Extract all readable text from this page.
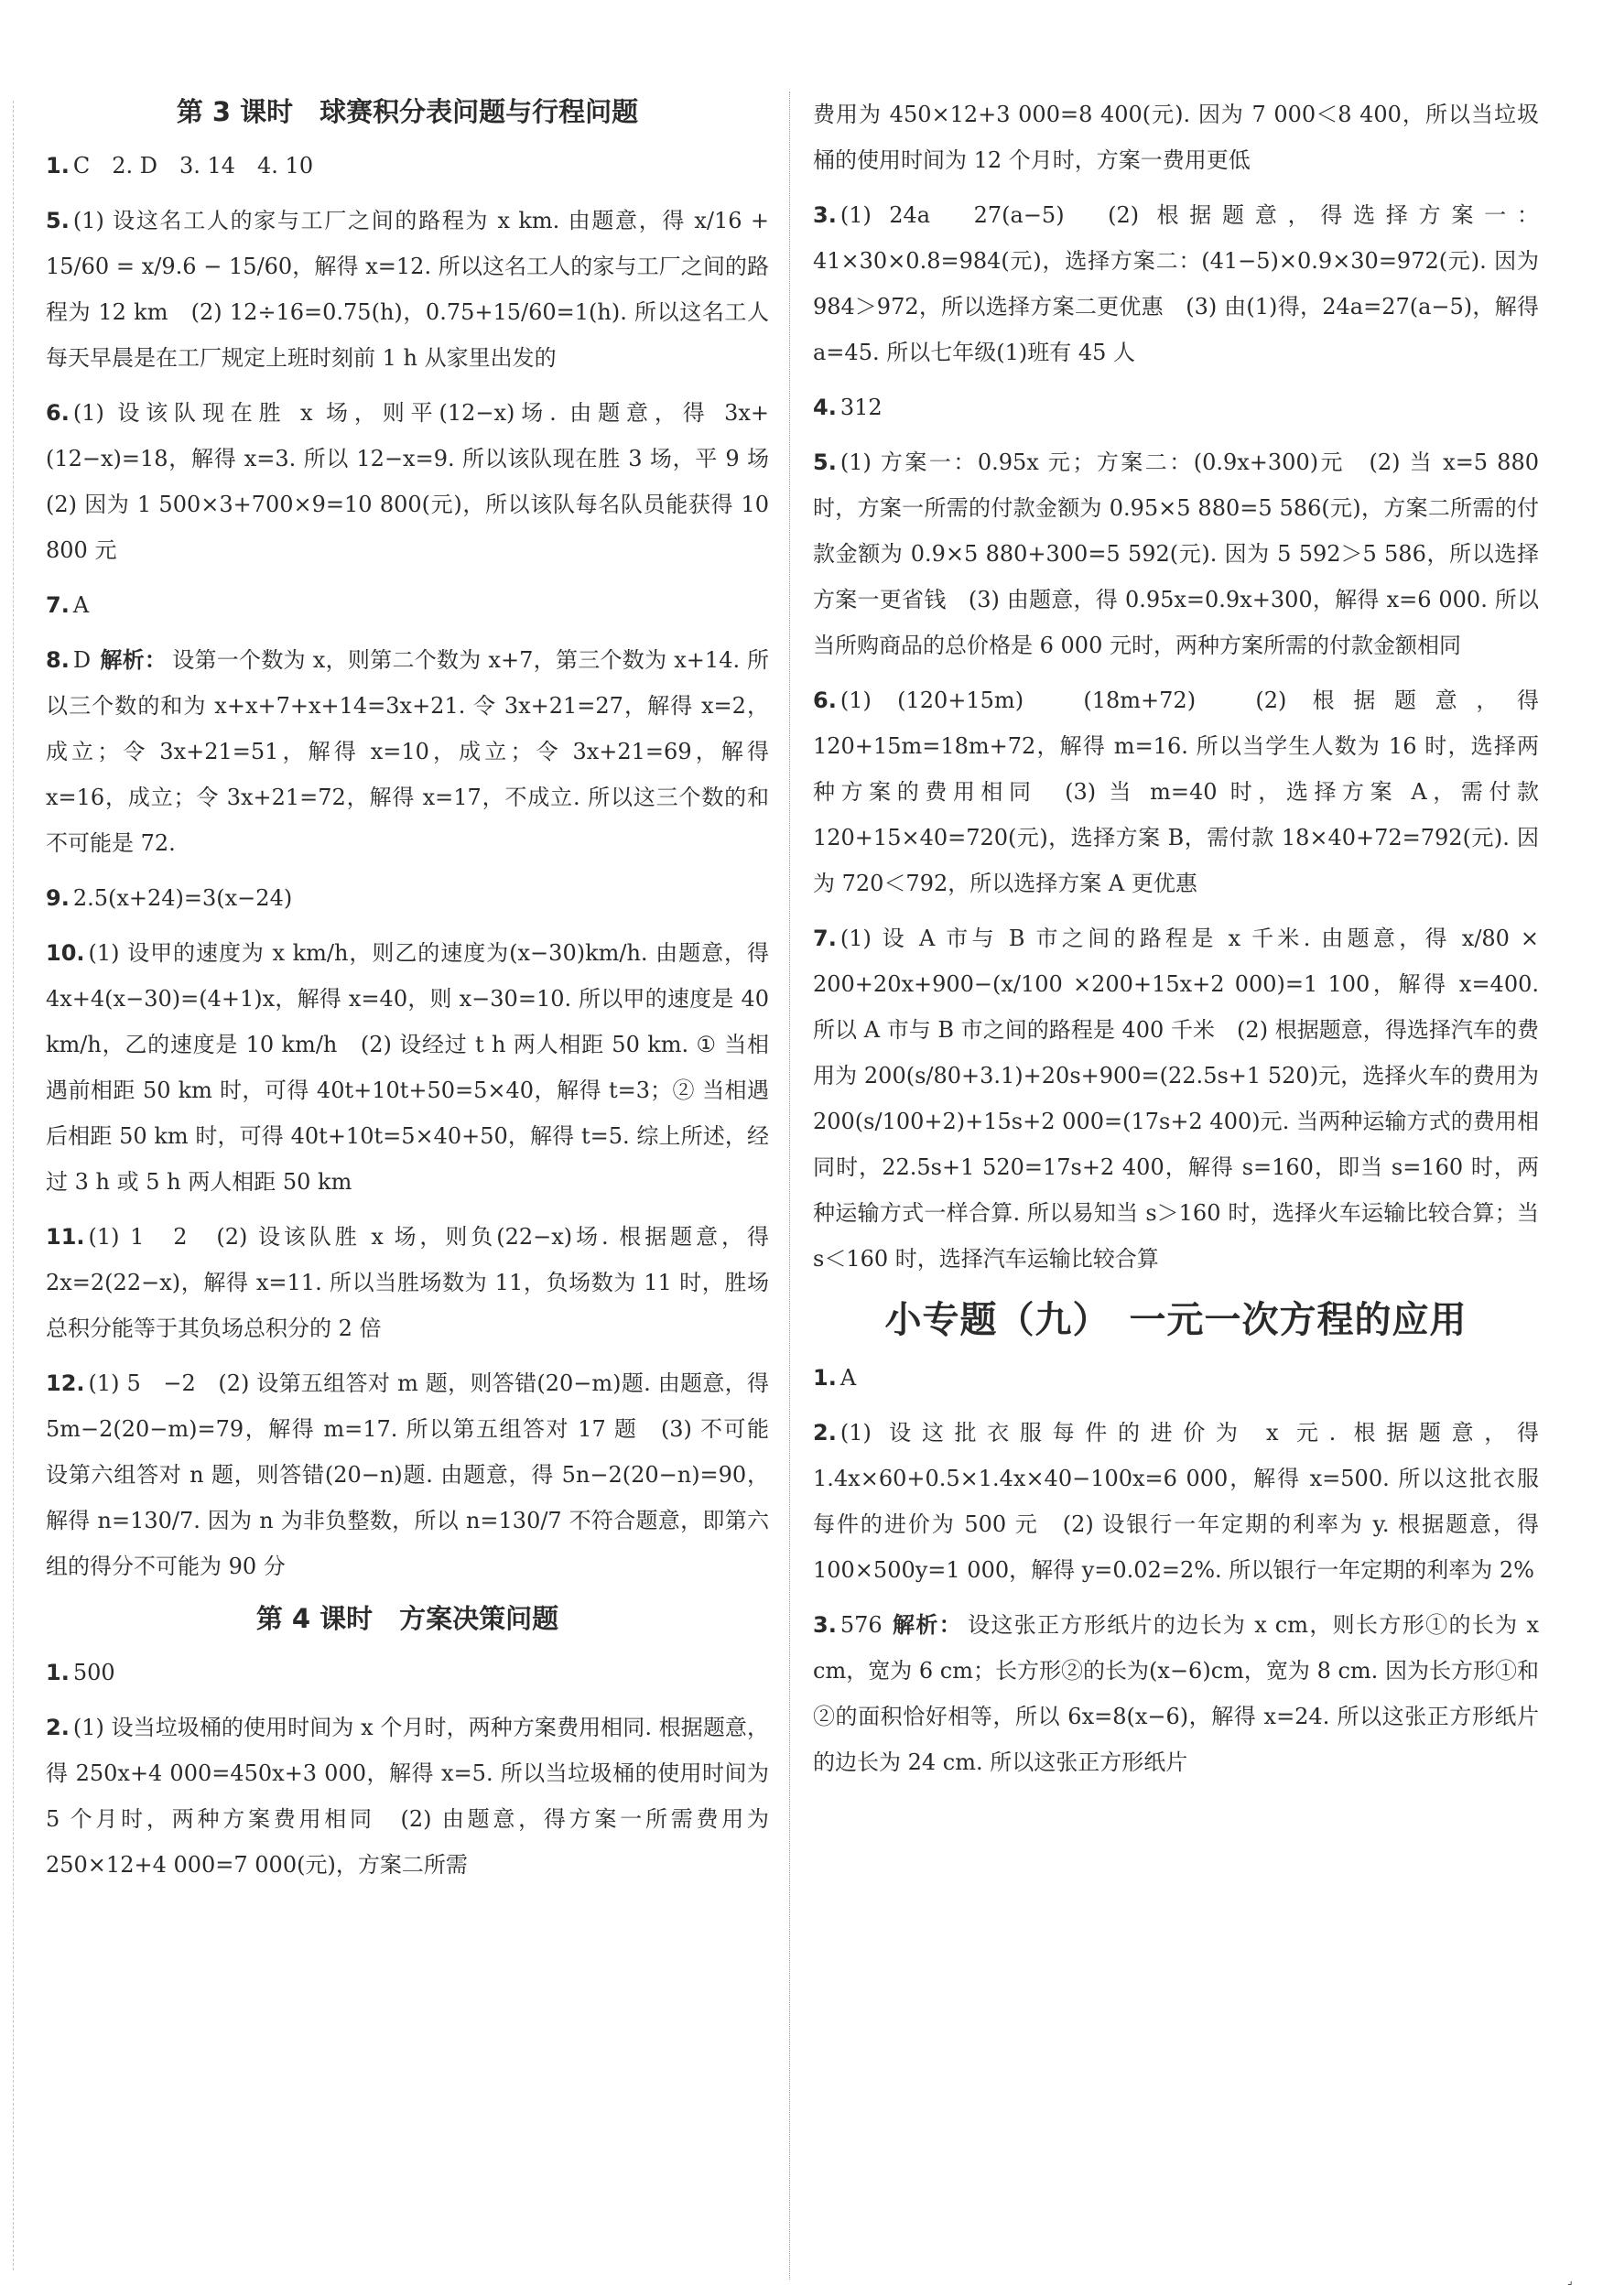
第 3 课时　球赛积分表问题与行程问题

1. C　2. D　3. 14　4. 10

5. (1) 设这名工人的家与工厂之间的路程为 x km. 由题意，得 x/16 + 15/60 = x/9.6 − 15/60，解得 x=12. 所以这名工人的家与工厂之间的路程为 12 km　(2) 12÷16=0.75(h)，0.75+15/60=1(h). 所以这名工人每天早晨是在工厂规定上班时刻前 1 h 从家里出发的

6. (1) 设该队现在胜 x 场，则平(12−x)场. 由题意，得 3x+(12−x)=18，解得 x=3. 所以 12−x=9. 所以该队现在胜 3 场，平 9 场　(2) 因为 1 500×3+700×9=10 800(元)，所以该队每名队员能获得 10 800 元

7. A

8. D 解析： 设第一个数为 x，则第二个数为 x+7，第三个数为 x+14. 所以三个数的和为 x+x+7+x+14=3x+21. 令 3x+21=27，解得 x=2，成立；令 3x+21=51，解得 x=10，成立；令 3x+21=69，解得 x=16，成立；令 3x+21=72，解得 x=17，不成立. 所以这三个数的和不可能是 72.

9. 2.5(x+24)=3(x−24)

10. (1) 设甲的速度为 x km/h，则乙的速度为(x−30)km/h. 由题意，得 4x+4(x−30)=(4+1)x，解得 x=40，则 x−30=10. 所以甲的速度是 40 km/h，乙的速度是 10 km/h　(2) 设经过 t h 两人相距 50 km. ① 当相遇前相距 50 km 时，可得 40t+10t+50=5×40，解得 t=3；② 当相遇后相距 50 km 时，可得 40t+10t=5×40+50，解得 t=5. 综上所述，经过 3 h 或 5 h 两人相距 50 km

11. (1) 1　2　(2) 设该队胜 x 场，则负(22−x)场. 根据题意，得 2x=2(22−x)，解得 x=11. 所以当胜场数为 11，负场数为 11 时，胜场总积分能等于其负场总积分的 2 倍

12. (1) 5　−2　(2) 设第五组答对 m 题，则答错(20−m)题. 由题意，得 5m−2(20−m)=79，解得 m=17. 所以第五组答对 17 题　(3) 不可能　设第六组答对 n 题，则答错(20−n)题. 由题意，得 5n−2(20−n)=90，解得 n=130/7. 因为 n 为非负整数，所以 n=130/7 不符合题意，即第六组的得分不可能为 90 分

第 4 课时　方案决策问题

1. 500

2. (1) 设当垃圾桶的使用时间为 x 个月时，两种方案费用相同. 根据题意，得 250x+4 000=450x+3 000，解得 x=5. 所以当垃圾桶的使用时间为 5 个月时，两种方案费用相同　(2) 由题意，得方案一所需费用为 250×12+4 000=7 000(元)，方案二所需

费用为 450×12+3 000=8 400(元). 因为 7 000＜8 400，所以当垃圾桶的使用时间为 12 个月时，方案一费用更低

3. (1) 24a　27(a−5)　(2) 根据题意，得选择方案一：41×30×0.8=984(元)，选择方案二：(41−5)×0.9×30=972(元). 因为 984＞972，所以选择方案二更优惠　(3) 由(1)得，24a=27(a−5)，解得 a=45. 所以七年级(1)班有 45 人

4. 312

5. (1) 方案一：0.95x 元；方案二：(0.9x+300)元　(2) 当 x=5 880 时，方案一所需的付款金额为 0.95×5 880=5 586(元)，方案二所需的付款金额为 0.9×5 880+300=5 592(元). 因为 5 592＞5 586，所以选择方案一更省钱　(3) 由题意，得 0.95x=0.9x+300，解得 x=6 000. 所以当所购商品的总价格是 6 000 元时，两种方案所需的付款金额相同

6. (1) (120+15m)　(18m+72)　(2) 根据题意，得 120+15m=18m+72，解得 m=16. 所以当学生人数为 16 时，选择两种方案的费用相同　(3) 当 m=40 时，选择方案 A，需付款 120+15×40=720(元)，选择方案 B，需付款 18×40+72=792(元). 因为 720＜792，所以选择方案 A 更优惠

7. (1) 设 A 市与 B 市之间的路程是 x 千米. 由题意，得 x/80 × 200+20x+900−(x/100 ×200+15x+2 000)=1 100，解得 x=400. 所以 A 市与 B 市之间的路程是 400 千米　(2) 根据题意，得选择汽车的费用为 200(s/80+3.1)+20s+900=(22.5s+1 520)元，选择火车的费用为 200(s/100+2)+15s+2 000=(17s+2 400)元. 当两种运输方式的费用相同时，22.5s+1 520=17s+2 400，解得 s=160，即当 s=160 时，两种运输方式一样合算. 所以易知当 s＞160 时，选择火车运输比较合算；当 s＜160 时，选择汽车运输比较合算

小专题（九）　一元一次方程的应用

1. A

2. (1) 设这批衣服每件的进价为 x 元. 根据题意，得 1.4x×60+0.5×1.4x×40−100x=6 000，解得 x=500. 所以这批衣服每件的进价为 500 元　(2) 设银行一年定期的利率为 y. 根据题意，得 100×500y=1 000，解得 y=0.02=2%. 所以银行一年定期的利率为 2%

3. 576 解析： 设这张正方形纸片的边长为 x cm，则长方形①的长为 x cm，宽为 6 cm；长方形②的长为(x−6)cm，宽为 8 cm. 因为长方形①和②的面积恰好相等，所以 6x=8(x−6)，解得 x=24. 所以这张正方形纸片的边长为 24 cm. 所以这张正方形纸片

⌟
